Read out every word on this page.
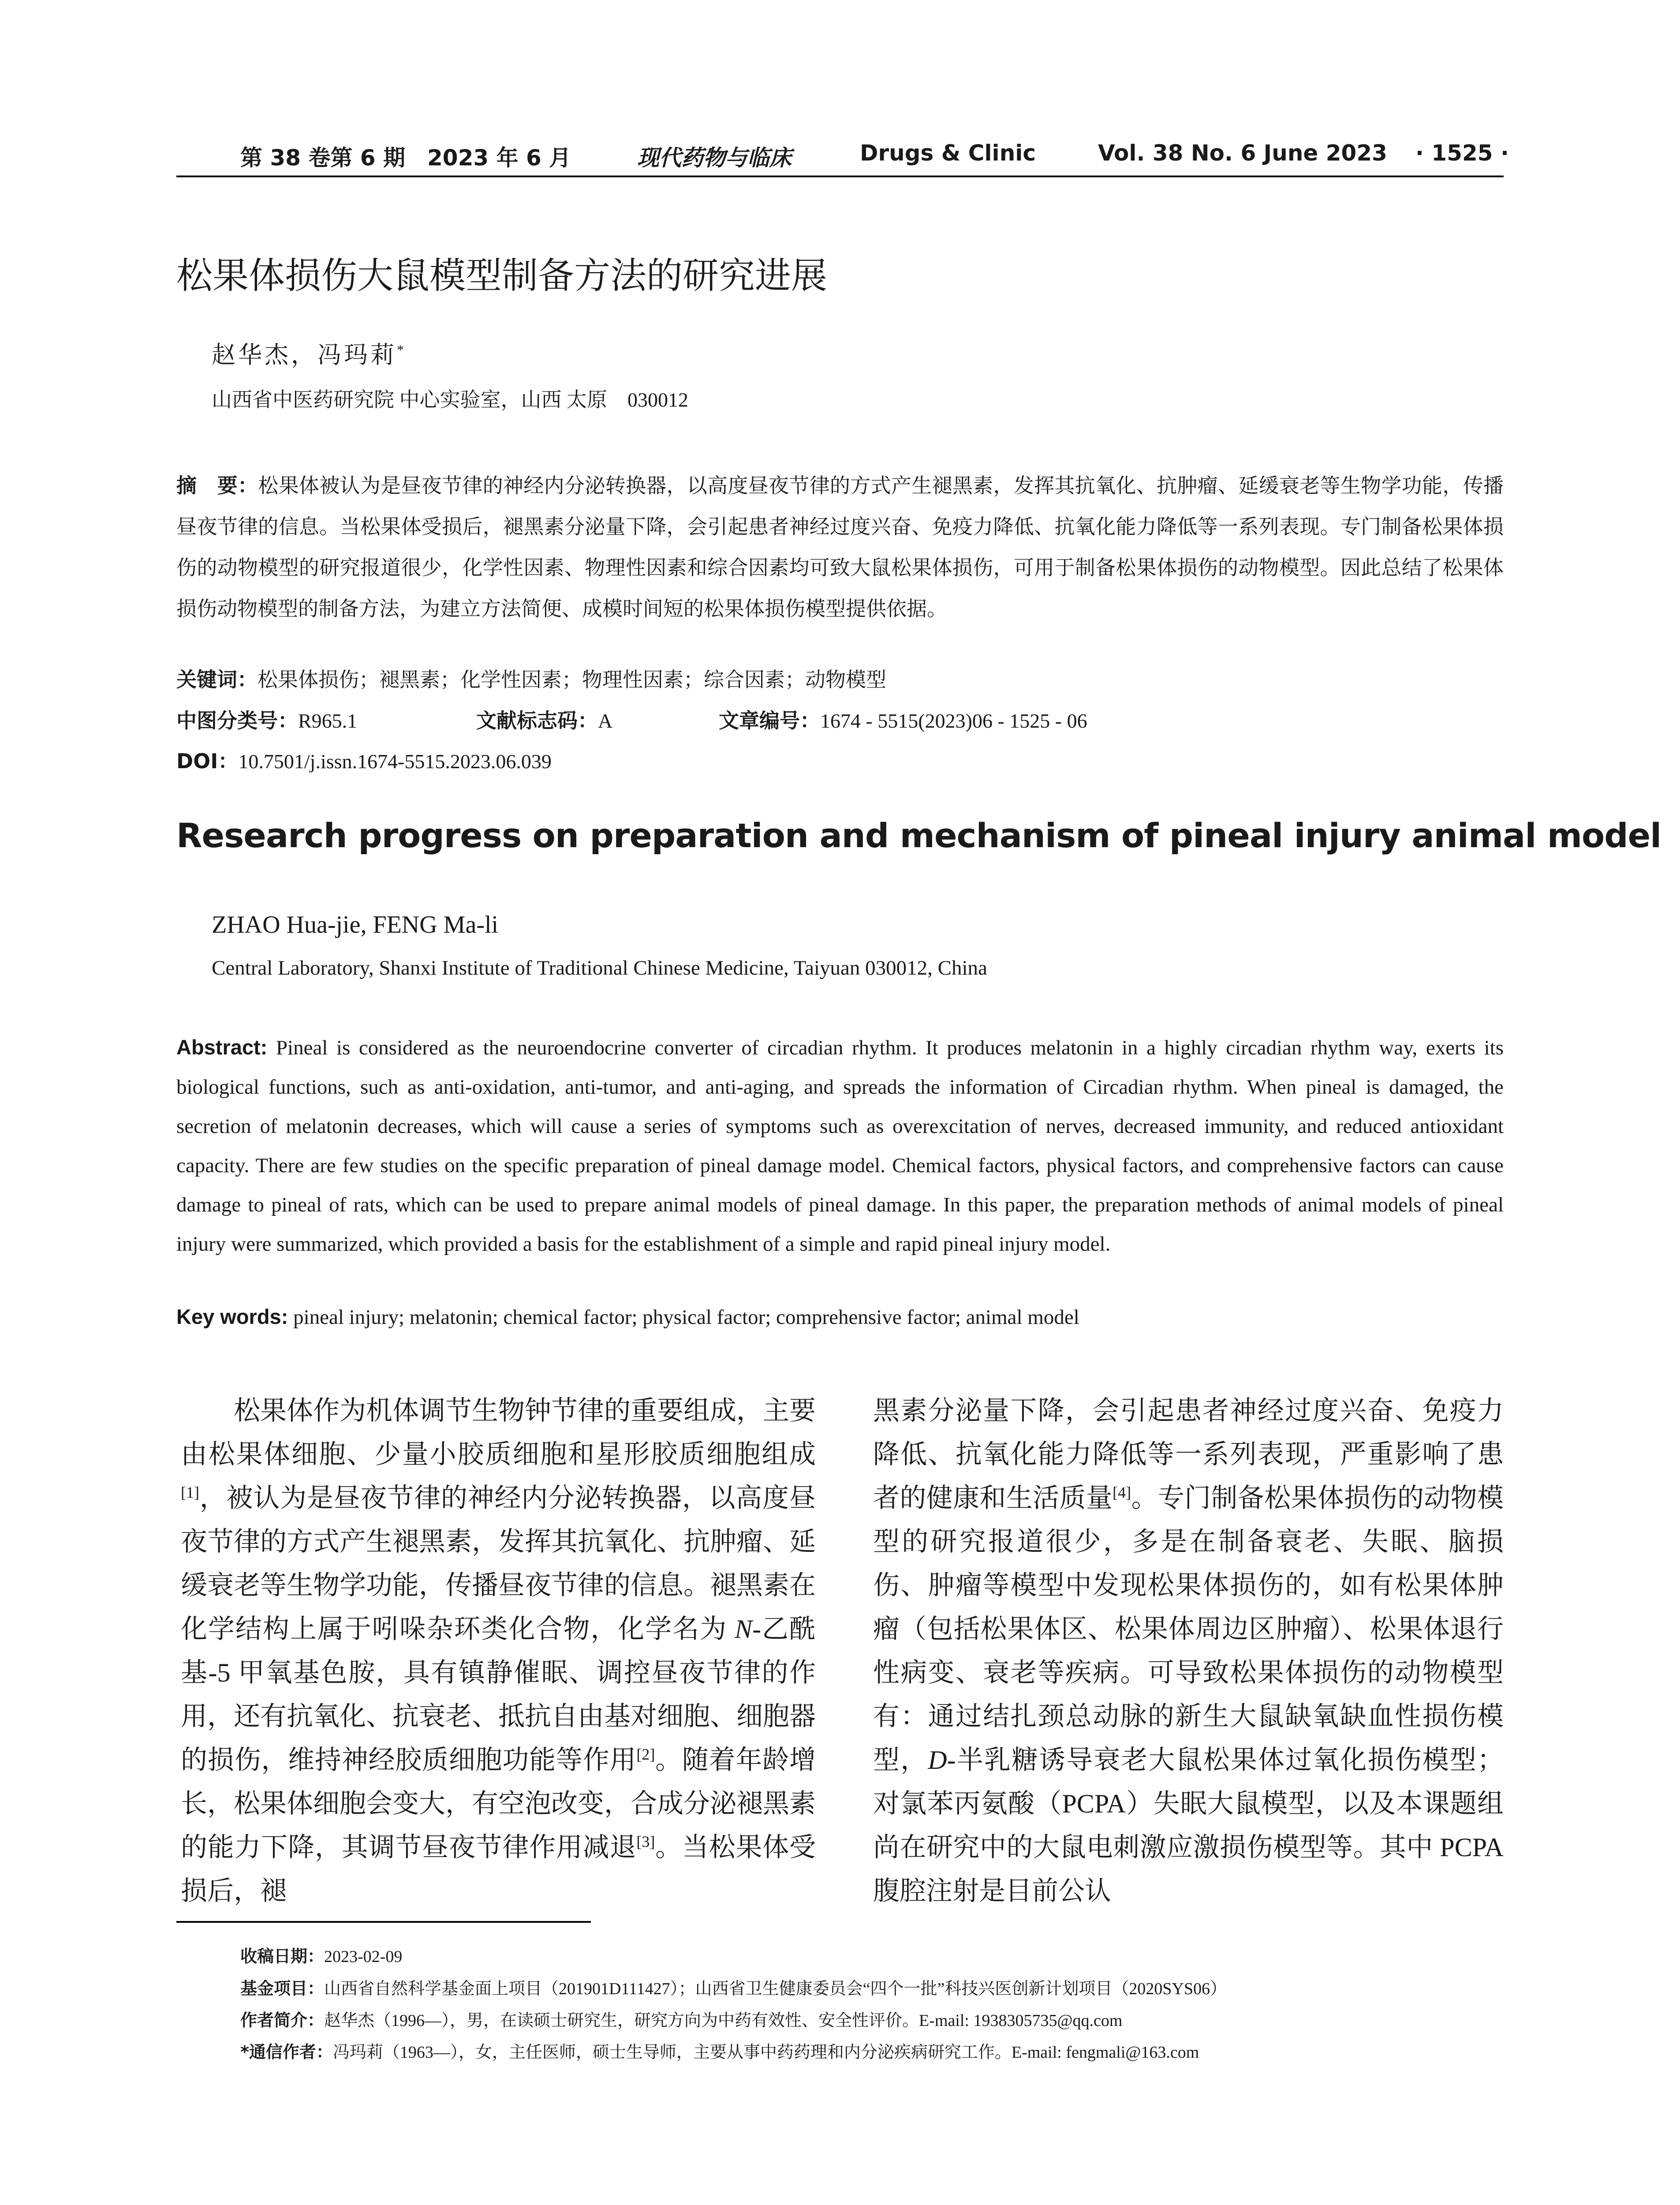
第 38 卷第 6 期　2023 年 6 月	现代药物与临床	Drugs & Clinic	Vol. 38 No. 6 June 2023 · 1525 ·
松果体损伤大鼠模型制备方法的研究进展
赵华杰，冯玛莉*
山西省中医药研究院 中心实验室，山西 太原　030012
摘　要：松果体被认为是昼夜节律的神经内分泌转换器，以高度昼夜节律的方式产生褪黑素，发挥其抗氧化、抗肿瘤、延缓衰老等生物学功能，传播昼夜节律的信息。当松果体受损后，褪黑素分泌量下降，会引起患者神经过度兴奋、免疫力降低、抗氧化能力降低等一系列表现。专门制备松果体损伤的动物模型的研究报道很少，化学性因素、物理性因素和综合因素均可致大鼠松果体损伤，可用于制备松果体损伤的动物模型。因此总结了松果体损伤动物模型的制备方法，为建立方法简便、成模时间短的松果体损伤模型提供依据。
关键词：松果体损伤；褪黑素；化学性因素；物理性因素；综合因素；动物模型
中图分类号：R965.1	文献标志码：A	文章编号：1674 - 5515(2023)06 - 1525 - 06
DOI：10.7501/j.issn.1674-5515.2023.06.039
Research progress on preparation and mechanism of pineal injury animal model
ZHAO Hua-jie, FENG Ma-li
Central Laboratory, Shanxi Institute of Traditional Chinese Medicine, Taiyuan 030012, China
Abstract: Pineal is considered as the neuroendocrine converter of circadian rhythm. It produces melatonin in a highly circadian rhythm way, exerts its biological functions, such as anti-oxidation, anti-tumor, and anti-aging, and spreads the information of Circadian rhythm. When pineal is damaged, the secretion of melatonin decreases, which will cause a series of symptoms such as overexcitation of nerves, decreased immunity, and reduced antioxidant capacity. There are few studies on the specific preparation of pineal damage model. Chemical factors, physical factors, and comprehensive factors can cause damage to pineal of rats, which can be used to prepare animal models of pineal damage. In this paper, the preparation methods of animal models of pineal injury were summarized, which provided a basis for the establishment of a simple and rapid pineal injury model.
Key words: pineal injury; melatonin; chemical factor; physical factor; comprehensive factor; animal model
松果体作为机体调节生物钟节律的重要组成，主要由松果体细胞、少量小胶质细胞和星形胶质细胞组成[1]，被认为是昼夜节律的神经内分泌转换器，以高度昼夜节律的方式产生褪黑素，发挥其抗氧化、抗肿瘤、延缓衰老等生物学功能，传播昼夜节律的信息。褪黑素在化学结构上属于吲哚杂环类化合物，化学名为 N-乙酰基-5 甲氧基色胺，具有镇静催眠、调控昼夜节律的作用，还有抗氧化、抗衰老、抵抗自由基对细胞、细胞器的损伤，维持神经胶质细胞功能等作用[2]。随着年龄增长，松果体细胞会变大，有空泡改变，合成分泌褪黑素的能力下降，其调节昼夜节律作用减退[3]。当松果体受损后，褪
黑素分泌量下降，会引起患者神经过度兴奋、免疫力降低、抗氧化能力降低等一系列表现，严重影响了患者的健康和生活质量[4]。专门制备松果体损伤的动物模型的研究报道很少，多是在制备衰老、失眠、脑损伤、肿瘤等模型中发现松果体损伤的，如有松果体肿瘤（包括松果体区、松果体周边区肿瘤）、松果体退行性病变、衰老等疾病。可导致松果体损伤的动物模型有：通过结扎颈总动脉的新生大鼠缺氧缺血性损伤模型，D-半乳糖诱导衰老大鼠松果体过氧化损伤模型；对氯苯丙氨酸（PCPA）失眠大鼠模型，以及本课题组尚在研究中的大鼠电刺激应激损伤模型等。其中 PCPA 腹腔注射是目前公认
收稿日期：2023-02-09
基金项目：山西省自然科学基金面上项目（201901D111427）；山西省卫生健康委员会“四个一批”科技兴医创新计划项目（2020SYS06）
作者简介：赵华杰（1996—），男，在读硕士研究生，研究方向为中药有效性、安全性评价。E-mail: 1938305735@qq.com
*通信作者：冯玛莉（1963—），女，主任医师，硕士生导师，主要从事中药药理和内分泌疾病研究工作。E-mail: fengmali@163.com
